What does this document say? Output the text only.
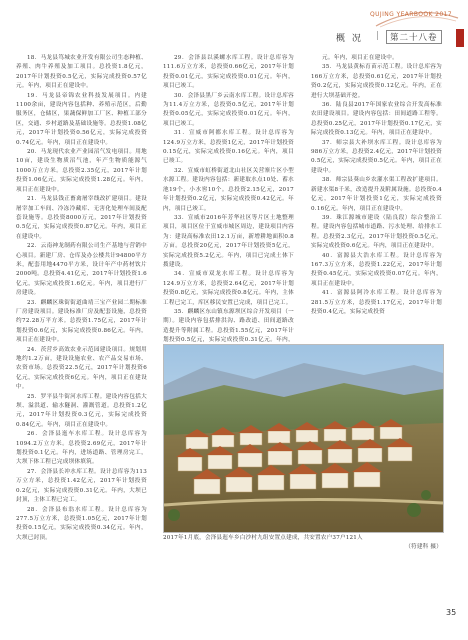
QUJING YEARBOOK 2017
概 况 |	第二十八卷

18．马龙县笃城农业开发有限公司生态种植、养殖、肉牛养殖及加工项目。总投资1.8亿元，2017年计划投资0.5亿元，实际完成投资0.57亿元。年内，项目正在建设中。

19．马龙县帝锦农业科技发展项目。内建1100余亩，建设内容包括种、养殖示范区，后勤服务区，仓储区，果蔬保鲜加工厂区、种植工部分区，交通、乡村道路及基础设施等。总投资1.08亿元，2017年计划投资0.56亿元，实际完成投资0.74亿元。年内，项目正在建设中。

20．马龙现代农业产业园沼气发电项目。用地10亩，建设生物质沼气池，年产生物质能源气1000万立方米。总投资2.35亿元，2017年计划投资1.06亿元，实际完成投资1.28亿元。年内，项目正在建设中。

21．马龙县钱正畜禽屠宰线改扩建项目。建设屠宰加工车间、冷冻冷藏库、无害化处理车间及配套设施等。总投资8000万元，2017年计划投资0.5亿元，实际完成投资0.87亿元。年内，项目正在建设中。

22．云南神龙制药有限公司生产基地与营销中心项目。新建厂房、仓库及办公楼共计94800平方米，配套用地4470平方米，设计年产中药材饮片2000吨。总投资4.41亿元，2017年计划投资1.6亿元，实际完成投资1.6亿元。年内，项目进行厂房建设。

23．麒麟区珠街街道曲靖三宝产业园二期标准厂房建设项目。建设标准厂房及配套设施，总投资约72.28万平方米。总投资1.75亿元，2017年计划投资0.6亿元，实际完成投资0.86亿元。年内，项目正在建设中。

24．茨营乡高效农业示范园建设项目。规划用地约1.2万亩，建设设施农业、农产品交易市场、农资市场。总投资22.5亿元，2017年计划投资6亿元，实际完成投资6亿元。年内，项目正在建设中。

25．罗平县牛街河水库工程。建设内容包括大坝、溢洪道、输水隧洞、灌溉管道。总投资1.2亿元，2017年计划投资0.3亿元，实际完成投资0.84亿元。年内，项目正在建设中。

26．会泽县迤车水库工程。设计总库容为1094.2万立方米。总投资2.69亿元，2017年计划投资0.1亿元。年内，进场道路、管理房完工，大坝下体工程已完成坝体填筑。

27．会泽县长冲水库工程。设计总库容为113万立方米，总投资1.42亿元，2017年计划投资0.2亿元，实际完成投资0.31亿元。年内，大坝已封顶，主体工程已完工。

28．会泽县布翁水库工程。设计总库容为277.5万立方米，总投资1.05亿元，2017年计划投资0.15亿元，实际完成投资0.34亿元。年内，大坝已封顶。

29．会泽县以溪螺水库工程。设计总库容为111.6万立方米，总投资0.66亿元，2017年计划投资0.01亿元，实际完成投资0.01亿元。年内，项目已竣工。

30．会泽县黑厂乡云南水库工程。设计总库容为11.4万立方米，总投资0.5亿元，2017年计划投资0.05亿元，实际完成投资0.01亿元。年内，项目已竣工。

31．宣威市阿都水库工程。设计总库容为124.9万立方米，总投资1亿元，2017年计划投资0.15亿元，实际完成投资0.16亿元。年内，项目已竣工。

32．宣威市虹桥街道北山社区关营寨片区小型水源工程。建设内容包括：新建取水点10处、蓄水池19个，小水窖10个。总投资2.15亿元，2017年计划投资0.2亿元，实际完成投资0.42亿元。年内，项目已竣工。

33．宣威市2016年芳华社区等片区土地整理项目，项目区位于宣威市城区周边，建设项目内容为：建设高标准农田12.1万亩，新增耕地面积0.8万亩。总投资20亿元，2017年计划投资5亿元，实际完成投资5.2亿元。年内，项目已完成土体下拨建设。

34．宣威市双龙水库工程。设计总库容为124.9万立方米，总投资2.64亿元，2017年计划投资0.8亿元，实际完成投资0.8亿元。年内，主体工程已完工，库区移民安置已完成，项目已完工。

35．麒麟区东山镇东源坝区综合开发项目（一期）。建设内容包括排洪沟、路改道、田间道路改造提升等附属工程。总投资1.55亿元，2017年计划投资0.5亿元，实际完成投资0.31亿元。年内，

元。年内，项目正在建设中。

35．马龙县黄标育苗示范工程。设计总库容为166万立方米，总投资0.61亿元，2017年计划投资0.2亿元，实际完成投资0.12亿元。年内，正在进行大坝基础开挖。

36．陆良县2017年国家农业综合开发高标准农田建设项目。建设内容包括：田间道路工程等。总投资0.25亿元，2017年计划投资0.17亿元，实际完成投资0.13亿元。年内，项目正在建设中。

37．师宗县大补坝水库工程。设计总库容为986万立方米，总投资2.4亿元，2017年计划投资0.5亿元，实际完成投资0.5亿元。年内，项目正在建设中。

38．师宗县葵山乡农灌水渠工程改扩建项目。新建水渠8千米，改造提升及附属设施。总投资0.4亿元，2017年计划投资1亿元，实际完成投资0.16亿元。年内，项目正在建设中。

39．珠江源城市建设（陆良段）综合整治工程。建设内容包括城市道路、污水处理、给排水工程。总投资2.3亿元，2017年计划投资0.5亿元，实际完成投资0.6亿元。年内，项目正在建设中。

40．富源县大浩水库工程。设计总库容为167.3万立方米，总投资1.22亿元，2017年计划投资0.45亿元，实际完成投资0.07亿元。年内，项目正在建设中。

41．富源县阿冷水库工程。设计总库容为281.5万立方米，总投资1.17亿元，2017年计划投资0.4亿元，实际完成投资

2017年1月底，会泽县迤车乡白沙村九组安置点建成，共安置农户37户121人
（符建科 摄）
35
